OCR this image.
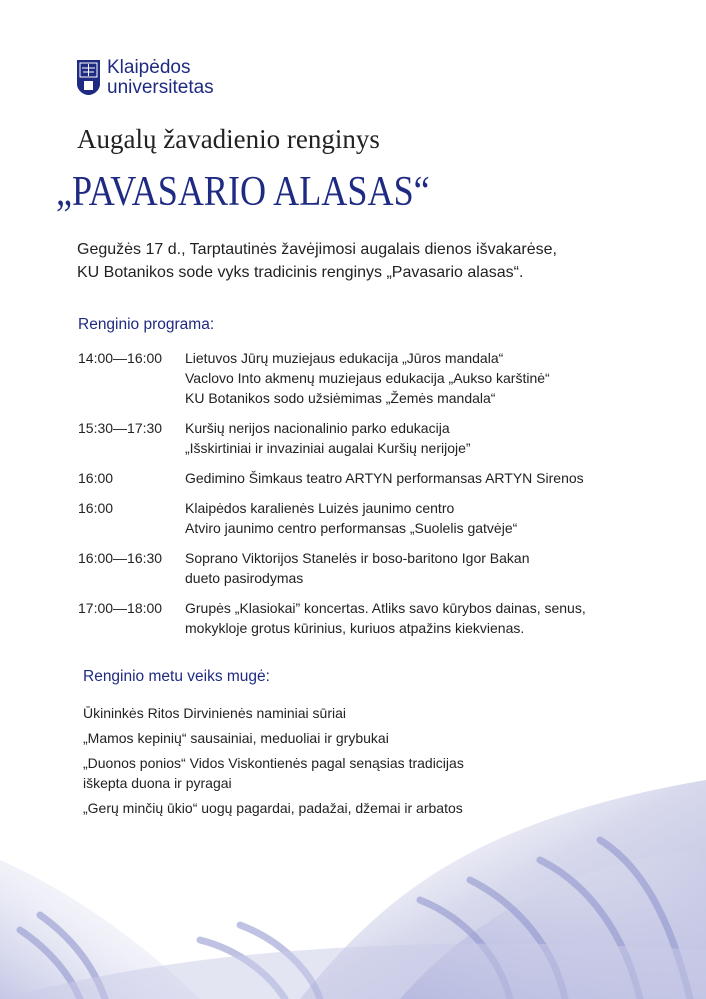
Klaipėdos
universitetas
Augalų žavadienio renginys
„PAVASARIO ALASAS“
Gegužės 17 d., Tarptautinės žavėjimosi augalais dienos išvakarėse,
KU Botanikos sode vyks tradicinis renginys „Pavasario alasas“.
Renginio programa:
14:00—16:00	Lietuvos Jūrų muziejaus edukacija „Jūros mandala“
Vaclovo Into akmenų muziejaus edukacija „Aukso karštinė“
KU Botanikos sodo užsiėmimas „Žemės mandala“
15:30—17:30	Kuršių nerijos nacionalinio parko edukacija
„Išskirtiniai ir invaziniai augalai Kuršių nerijoje”
16:00	Gedimino Šimkaus teatro ARTYN performansas ARTYN Sirenos
16:00	Klaipėdos karalienės Luizės jaunimo centro
Atviro jaunimo centro performansas „Suolelis gatvėje“
16:00—16:30	Soprano Viktorijos Stanelės ir boso-baritono Igor Bakan
dueto pasirodymas
17:00—18:00	Grupės „Klasiokai” koncertas. Atliks savo kūrybos dainas, senus,
mokykloje grotus kūrinius, kuriuos atpažins kiekvienas.
Renginio metu veiks mugė:
Ūkininkės Ritos Dirvinienės naminiai sūriai
„Mamos kepinių“ sausainiai, meduoliai ir grybukai
„Duonos ponios“ Vidos Viskontienės pagal senąsias tradicijas
iškepta duona ir pyragai
„Gerų minčių ūkio“ uogų pagardai, padažai, džemai ir arbatos
